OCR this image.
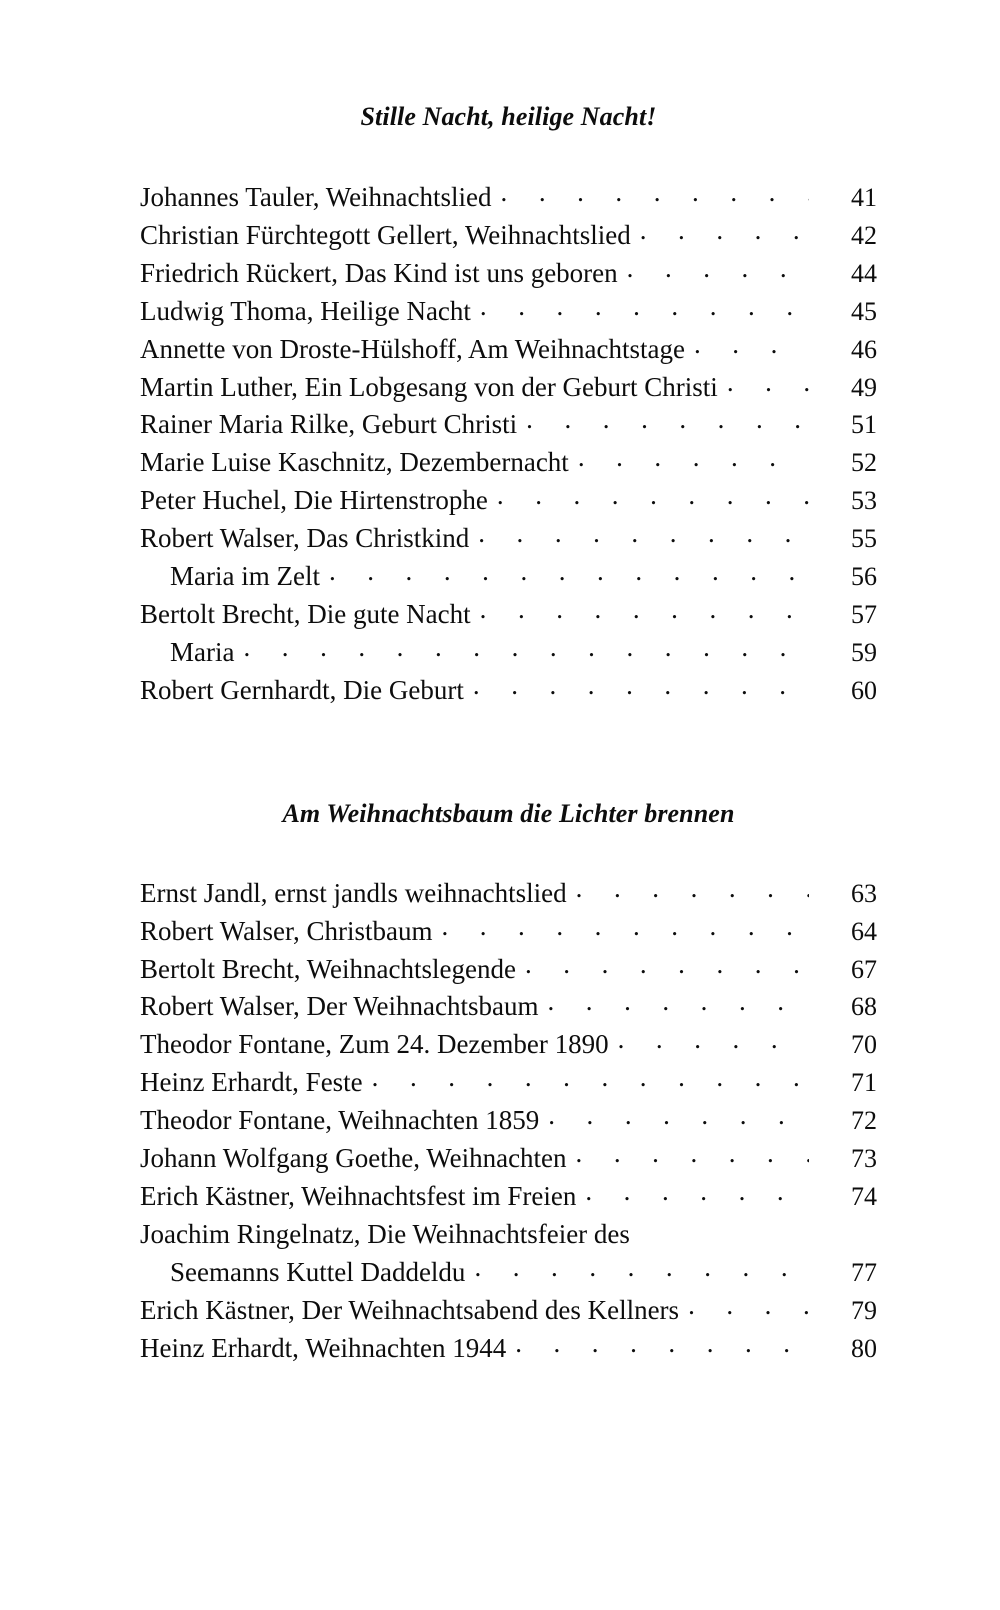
Stille Nacht, heilige Nacht!
Johannes Tauler, Weihnachtslied . . .	41
Christian Fürchtegott Gellert, Weihnachtslied . . .	42
Friedrich Rückert, Das Kind ist uns geboren . . .	44
Ludwig Thoma, Heilige Nacht . . .	45
Annette von Droste-Hülshoff, Am Weihnachtstage . . .	46
Martin Luther, Ein Lobgesang von der Geburt Christi . . .	49
Rainer Maria Rilke, Geburt Christi . . .	51
Marie Luise Kaschnitz, Dezembernacht . . .	52
Peter Huchel, Die Hirtenstrophe . . .	53
Robert Walser, Das Christkind . . .	55
Maria im Zelt . . .	56
Bertolt Brecht, Die gute Nacht . . .	57
Maria . . .	59
Robert Gernhardt, Die Geburt . . .	60
Am Weihnachtsbaum die Lichter brennen
Ernst Jandl, ernst jandls weihnachtslied . . .	63
Robert Walser, Christbaum . . .	64
Bertolt Brecht, Weihnachtslegende . . .	67
Robert Walser, Der Weihnachtsbaum . . .	68
Theodor Fontane, Zum 24. Dezember 1890 . . .	70
Heinz Erhardt, Feste . . .	71
Theodor Fontane, Weihnachten 1859 . . .	72
Johann Wolfgang Goethe, Weihnachten . . .	73
Erich Kästner, Weihnachtsfest im Freien . . .	74
Joachim Ringelnatz, Die Weihnachtsfeier des
Seemanns Kuttel Daddeldu . . .	77
Erich Kästner, Der Weihnachtsabend des Kellners . . .	79
Heinz Erhardt, Weihnachten 1944 . . .	80
